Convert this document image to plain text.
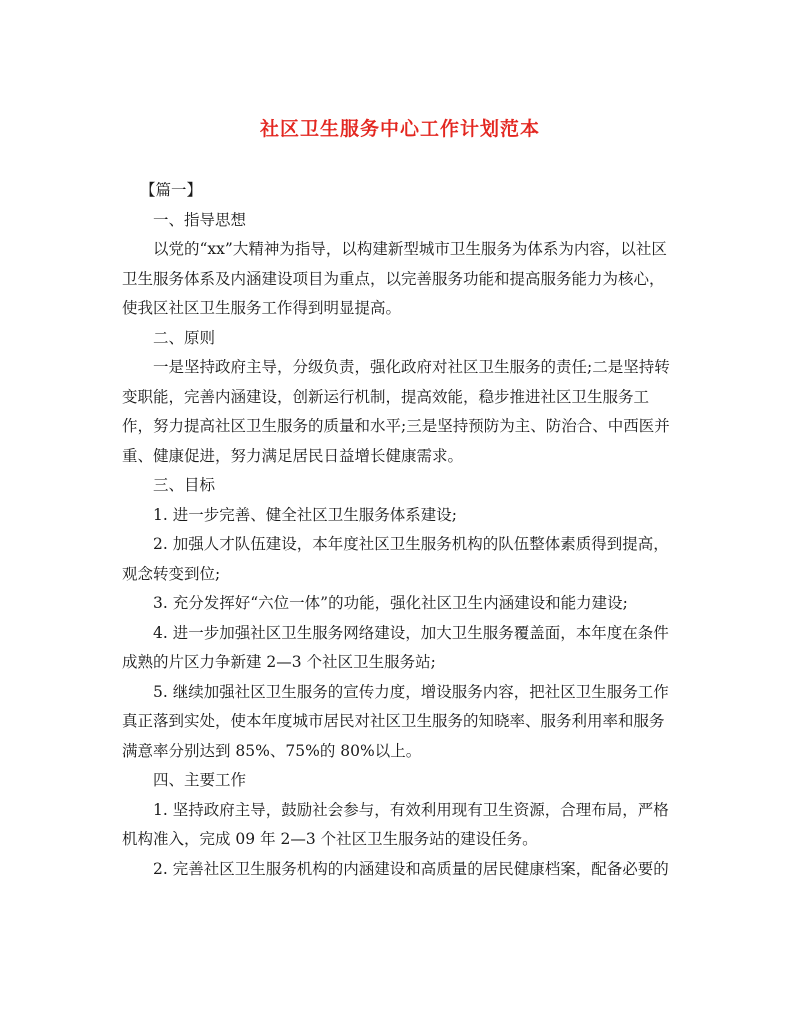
社区卫生服务中心工作计划范本

【篇一】

一、指导思想

以党的“xx”大精神为指导，以构建新型城市卫生服务为体系为内容，以社区卫生服务体系及内涵建设项目为重点，以完善服务功能和提高服务能力为核心，使我区社区卫生服务工作得到明显提高。

二、原则

一是坚持政府主导，分级负责，强化政府对社区卫生服务的责任;二是坚持转变职能，完善内涵建设，创新运行机制，提高效能，稳步推进社区卫生服务工作，努力提高社区卫生服务的质量和水平;三是坚持预防为主、防治合、中西医并重、健康促进，努力满足居民日益增长健康需求。

三、目标

1. 进一步完善、健全社区卫生服务体系建设;

2. 加强人才队伍建设，本年度社区卫生服务机构的队伍整体素质得到提高，观念转变到位;

3. 充分发挥好“六位一体”的功能，强化社区卫生内涵建设和能力建设;

4. 进一步加强社区卫生服务网络建设，加大卫生服务覆盖面，本年度在条件成熟的片区力争新建 2—3 个社区卫生服务站;

5. 继续加强社区卫生服务的宣传力度，增设服务内容，把社区卫生服务工作真正落到实处，使本年度城市居民对社区卫生服务的知晓率、服务利用率和服务满意率分别达到 85%、75%的 80%以上。

四、主要工作

1. 坚持政府主导，鼓励社会参与，有效利用现有卫生资源，合理布局，严格机构准入，完成 09 年 2—3 个社区卫生服务站的建设任务。

2. 完善社区卫生服务机构的内涵建设和高质量的居民健康档案，配备必要的
